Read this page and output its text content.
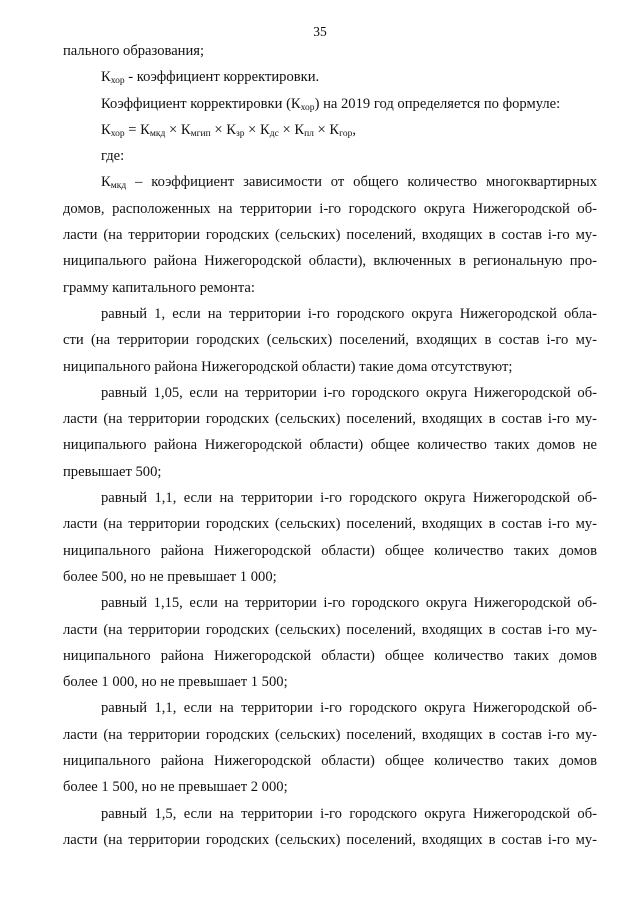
35
пального образования;
$К_{хор}$ - коэффициент корректировки.
Коэффициент корректировки $(К_{хор})$ на 2019 год определяется по формуле:
$К_{хор} = К_{мкд} \times К_{мгип} \times К_{зр} \times К_{дс} \times К_{пл} \times К_{гор}$,
где:
$К_{мкд}$ – коэффициент зависимости от общего количество многоквартирных
домов, расположенных на территории i-го городского округа Нижегородской об-
ласти (на территории городских (сельских) поселений, входящих в состав i-го му-
ниципальюго района Нижегородской области), включенных в региональную про-
грамму капитального ремонта:
равный 1, если на территории i-го городского округа Нижегородской обла-
сти (на территории городских (сельских) поселений, входящих в состав i-го му-
ниципального района Нижегородской области) такие дома отсутствуют;
равный 1,05, если на территории i-го городского округа Нижегородской об-
ласти (на территории городских (сельских) поселений, входящих в состав i-го му-
ниципальюго района Нижегородской области) общее количество таких домов не
превышает 500;
равный 1,1, если на территории i-го городского округа Нижегородской об-
ласти (на территории городских (сельских) поселений, входящих в состав i-го му-
ниципального района Нижегородской области) общее количество таких домов
более 500, но не превышает 1 000;
равный 1,15, если на территории i-го городского округа Нижегородской об-
ласти (на территории городских (сельских) поселений, входящих в состав i-го му-
ниципального района Нижегородской области) общее количество таких домов
более 1 000, но не превышает 1 500;
равный 1,1, если на территории i-го городского округа Нижегородской об-
ласти (на территории городских (сельских) поселений, входящих в состав i-го му-
ниципального района Нижегородской области) общее количество таких домов
более 1 500, но не превышает 2 000;
равный 1,5, если на территории i-го городского округа Нижегородской об-
ласти (на территории городских (сельских) поселений, входящих в состав i-го му-
